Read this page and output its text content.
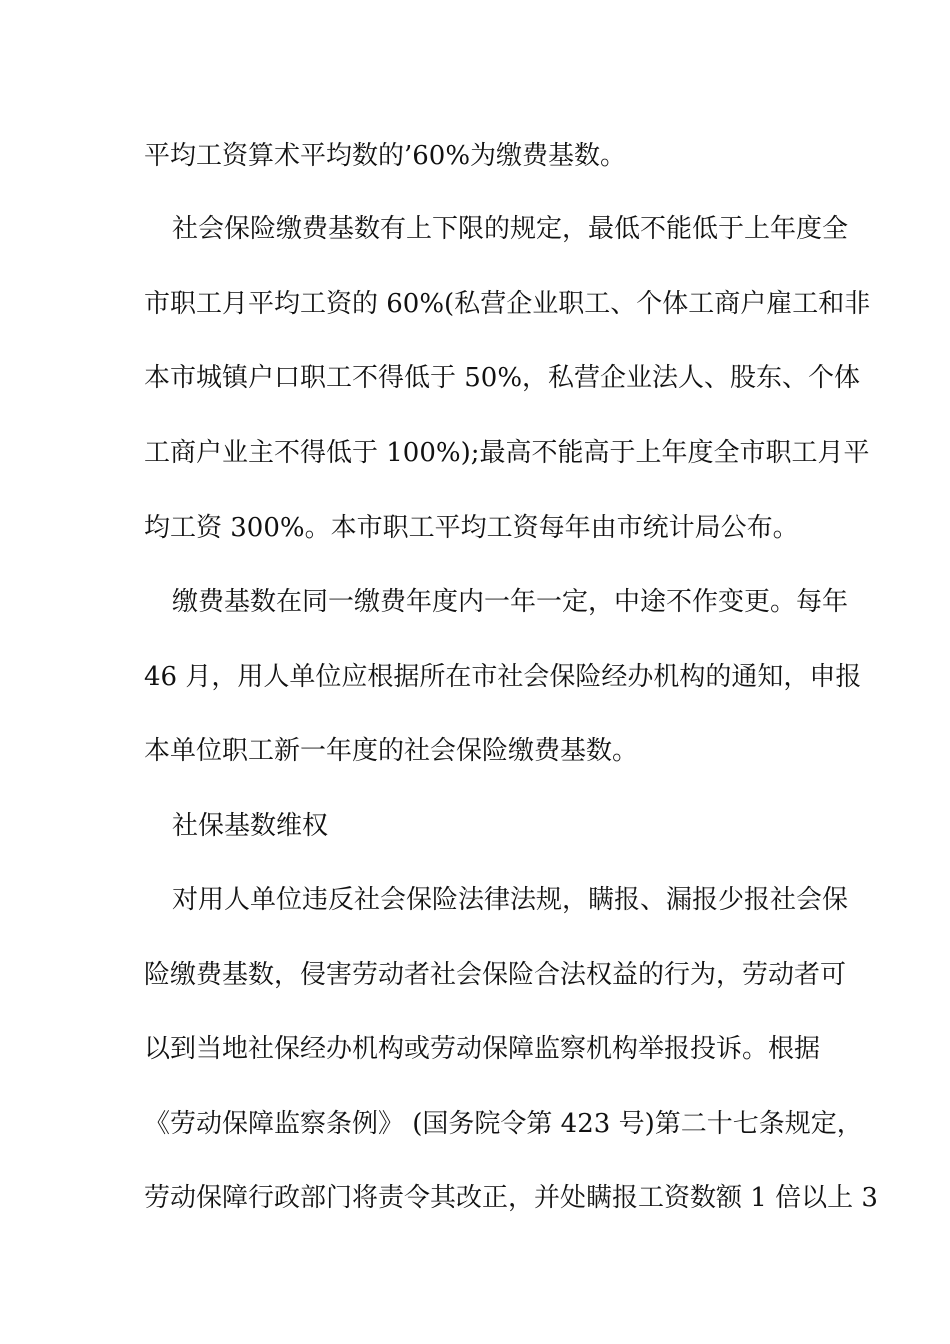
平均工资算术平均数的’60%为缴费基数。
社会保险缴费基数有上下限的规定，最低不能低于上年度全
市职工月平均工资的 60%(私营企业职工、个体工商户雇工和非
本市城镇户口职工不得低于 50%，私营企业法人、股东、个体
工商户业主不得低于 100%);最高不能高于上年度全市职工月平
均工资 300%。本市职工平均工资每年由市统计局公布。
缴费基数在同一缴费年度内一年一定，中途不作变更。每年
46 月，用人单位应根据所在市社会保险经办机构的通知，申报
本单位职工新一年度的社会保险缴费基数。
社保基数维权
对用人单位违反社会保险法律法规，瞒报、漏报少报社会保
险缴费基数，侵害劳动者社会保险合法权益的行为，劳动者可
以到当地社保经办机构或劳动保障监察机构举报投诉。根据
《劳动保障监察条例》 (国务院令第 423 号)第二十七条规定，
劳动保障行政部门将责令其改正，并处瞒报工资数额 1 倍以上 3
